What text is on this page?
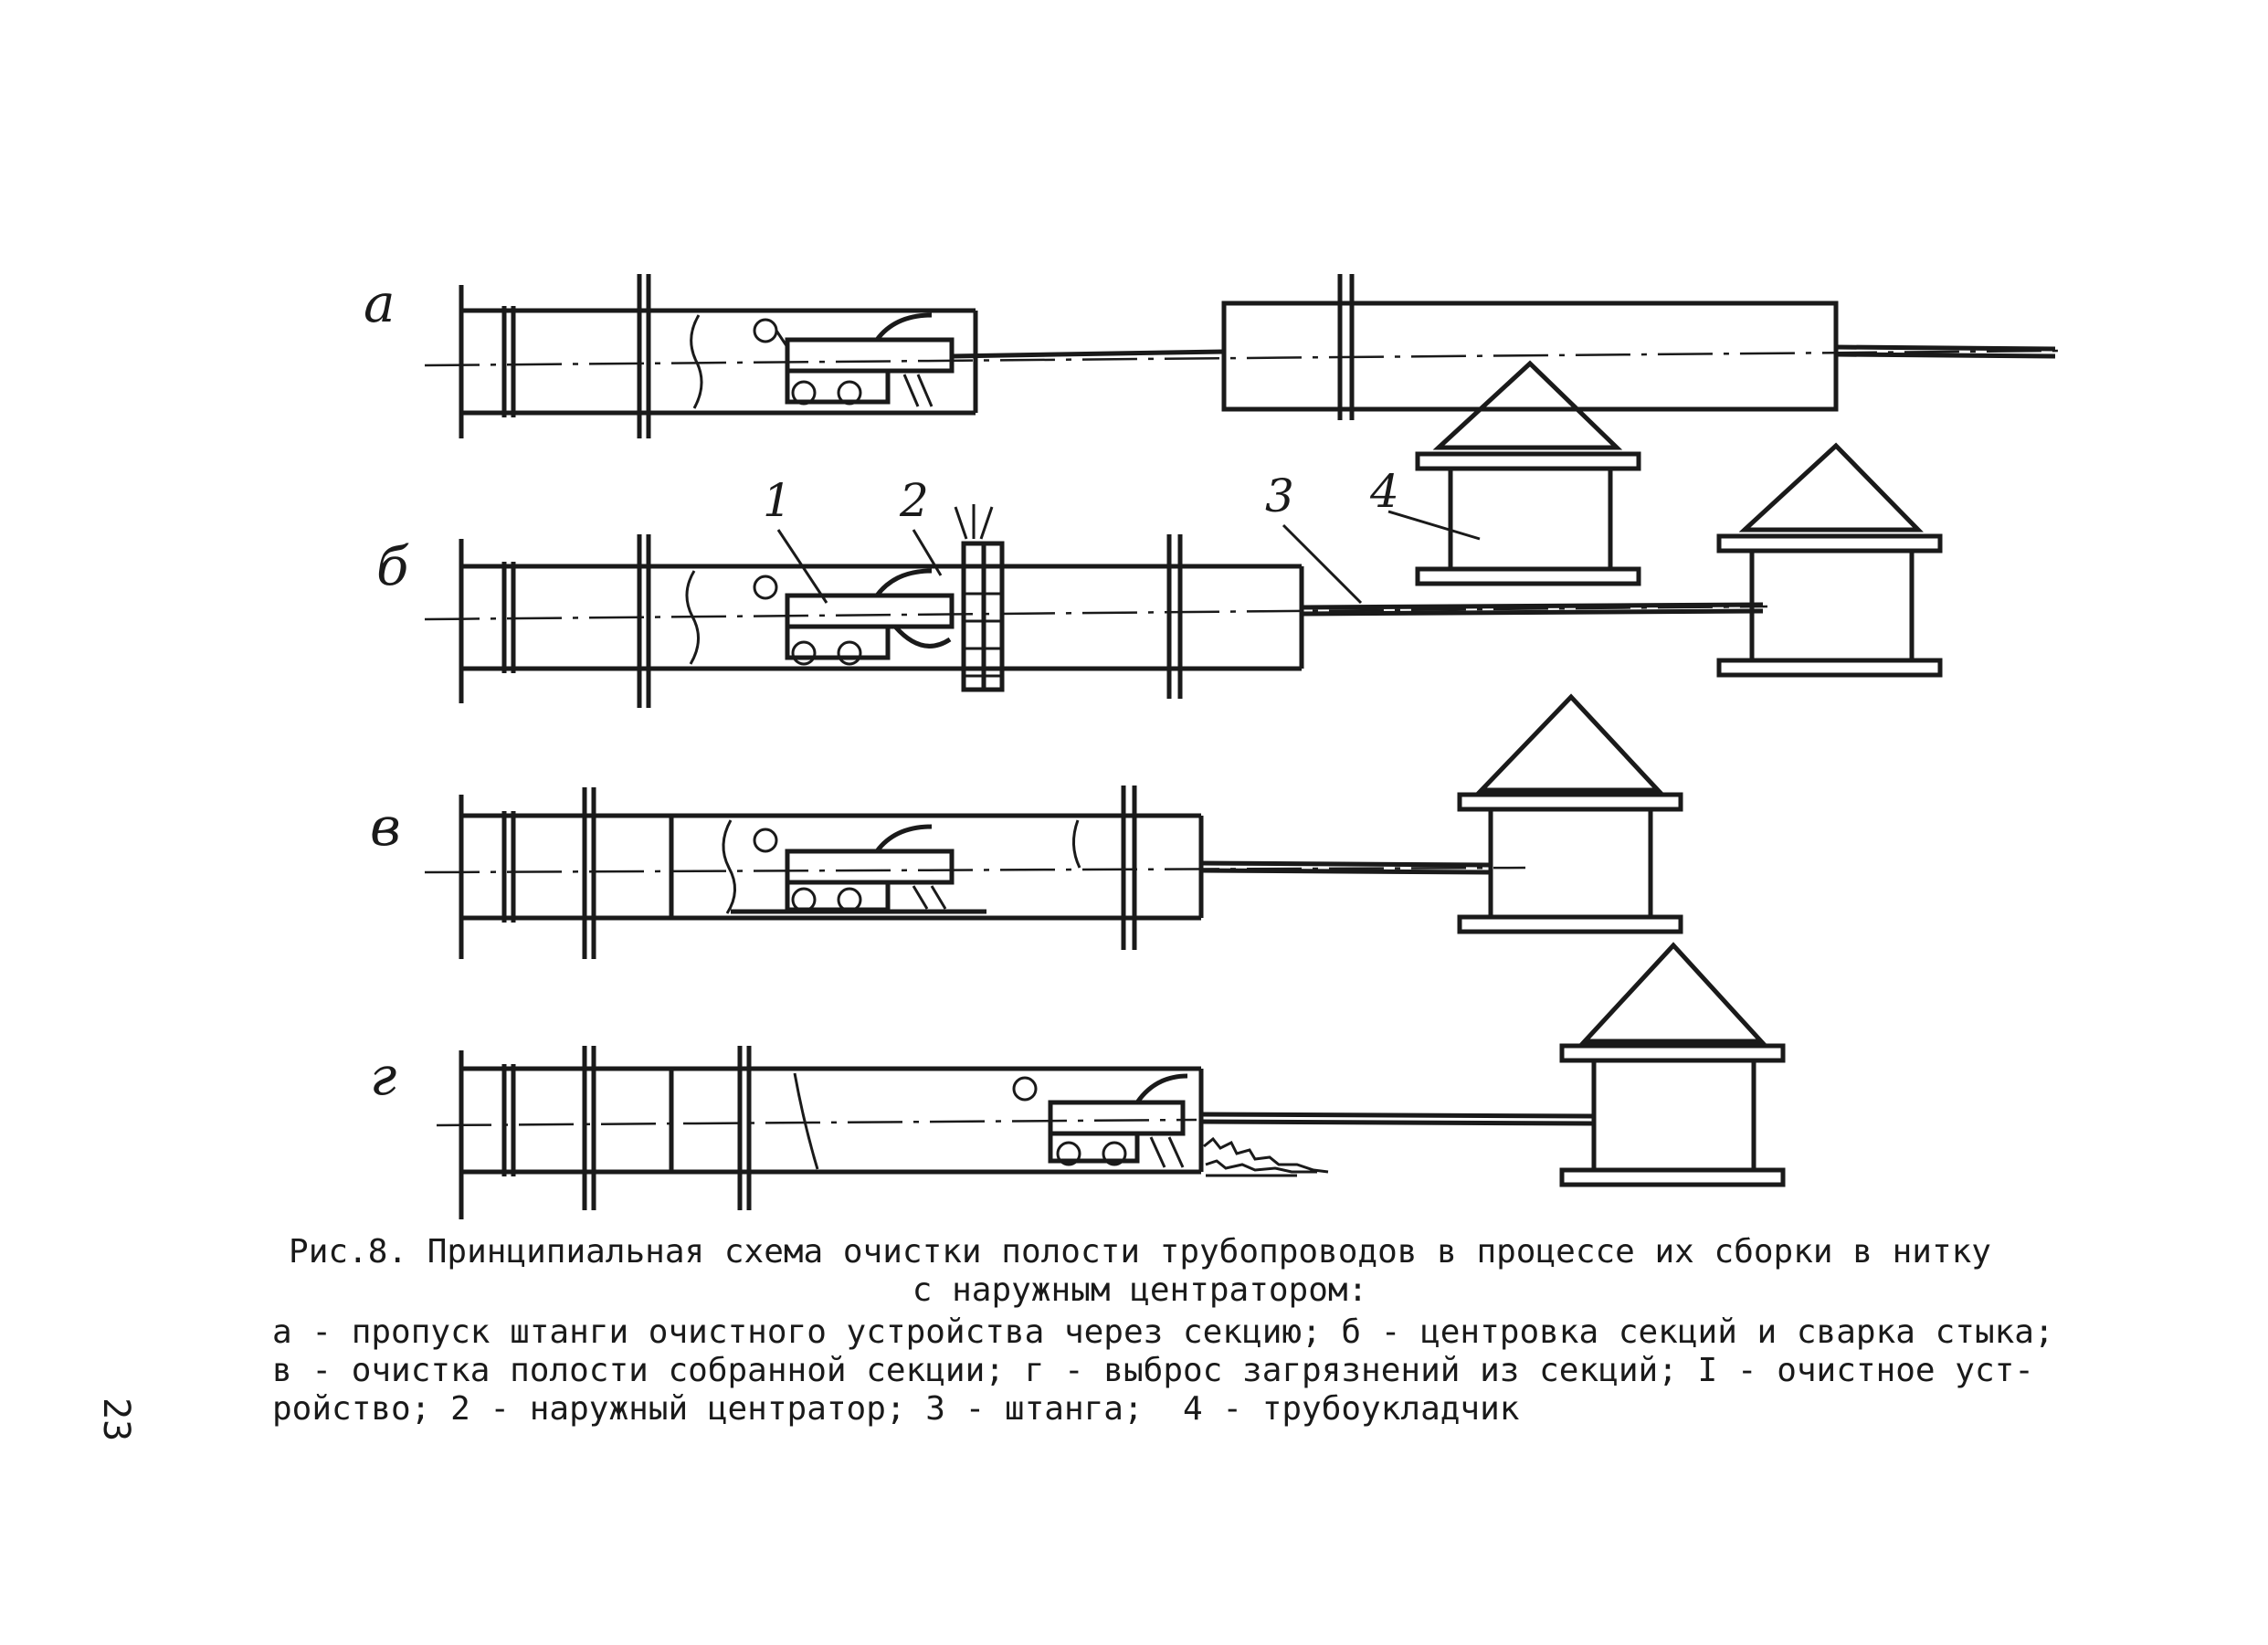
а
б
1 2	3 4
в
г
Рис.8. Принципиальная схема очистки полости трубопроводов в процессе их сборки в нитку
с наружным центратором:
а - пропуск штанги очистного устройства через секцию; б - центровка секций и сварка стыка;
в - очистка полости собранной секции; г - выброс загрязнений из секций; I - очистное уст-
ройство; 2 - наружный центратор; 3 - штанга;  4 - трубоукладчик
23
